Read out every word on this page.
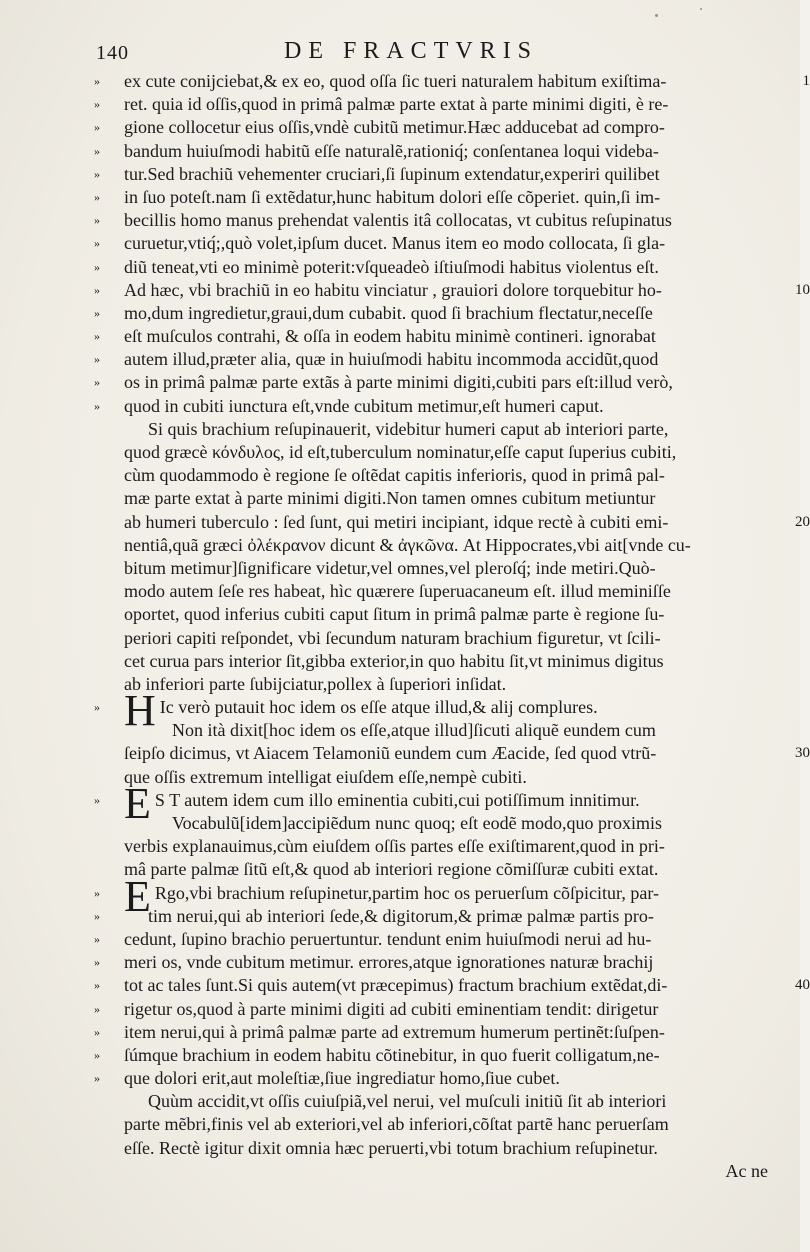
140	DE FRACTVRIS
»	ex cute conijciebat,& ex eo, quod oſſa ſic tueri naturalem habitum exiſtima-	1
»	ret. quia id oſſis,quod in primâ palmæ parte extat à parte minimi digiti, è re-
»	gione collocetur eius oſſis,vndè cubitũ metimur.Hæc adducebat ad compro-
»	bandum huiuſmodi habitũ eſſe naturalẽ,rationiq́; conſentanea loqui videba-
»	tur.Sed brachiũ vehementer cruciari,ſi ſupinum extendatur,experiri quilibet
»	in ſuo poteſt.nam ſi extẽdatur,hunc habitum dolori eſſe cõperiet. quin,ſi im-
»	becillis homo manus prehendat valentis itâ collocatas, vt cubitus reſupinatus
»	curuetur,vtiq́;,quò volet,ipſum ducet. Manus item eo modo collocata, ſi gla-
»	diũ teneat,vti eo minimè poterit:vſqueadeò iſtiuſmodi habitus violentus eſt.
»	Ad hæc, vbi brachiũ in eo habitu vinciatur , grauiori dolore torquebitur ho-	10
»	mo,dum ingredietur,graui,dum cubabit. quod ſi brachium flectatur,neceſſe
»	eſt muſculos contrahi, & oſſa in eodem habitu minimè contineri. ignorabat
»	autem illud,præter alia, quæ in huiuſmodi habitu incommoda accidũt,quod
»	os in primâ palmæ parte extãs à parte minimi digiti,cubiti pars eſt:illud verò,
»	quod in cubiti iunctura eſt,vnde cubitum metimur,eſt humeri caput.
Si quis brachium reſupinauerit, videbitur humeri caput ab interiori parte,
quod græcè κόνδυλος, id eſt,tuberculum nominatur,eſſe caput ſuperius cubiti,
cùm quodammodo è regione ſe oſtẽdat capitis inferioris, quod in primâ pal-
mæ parte extat à parte minimi digiti.Non tamen omnes cubitum metiuntur
ab humeri tuberculo : ſed ſunt, qui metiri incipiant, idque rectè à cubiti emi-	20
nentiâ,quã græci ὀλέκρανον dicunt & ἀγκῶνα. At Hippocrates,vbi ait[vnde cu-
bitum metimur]ſignificare videtur,vel omnes,vel pleroſq́; inde metiri.Quò-
modo autem ſeſe res habeat, hìc quærere ſuperuacaneum eſt. illud meminiſſe
oportet, quod inferius cubiti caput ſitum in primâ palmæ parte è regione ſu-
periori capiti reſpondet, vbi ſecundum naturam brachium figuretur, vt ſcili-
cet curua pars interior ſit,gibba exterior,in quo habitu ſit,vt minimus digitus
ab inferiori parte ſubijciatur,pollex à ſuperiori inſidat.
» H Ic verò putauit hoc idem os eſſe atque illud,& alij complures.
Non ità dixit[hoc idem os eſſe,atque illud]ſicuti aliquẽ eundem cum
ſeipſo dicimus, vt Aiacem Telamoniũ eundem cum Æacide, ſed quod vtrũ-	30
que oſſis extremum intelligat eiuſdem eſſe,nempè cubiti.
» E S T autem idem cum illo eminentia cubiti,cui potiſſimum innitimur.
Vocabulũ[idem]accipiẽdum nunc quoq; eſt eodẽ modo,quo proximis
verbis explanauimus,cùm eiuſdem oſſis partes eſſe exiſtimarent,quod in pri-
mâ parte palmæ ſitũ eſt,& quod ab interiori regione cõmiſſuræ cubiti extat.
» E Rgo,vbi brachium reſupinetur,partim hoc os peruerſum cõſpicitur, par-
»	tim nerui,qui ab interiori ſede,& digitorum,& primæ palmæ partis pro-
»	cedunt, ſupino brachio peruertuntur. tendunt enim huiuſmodi nerui ad hu-
»	meri os, vnde cubitum metimur. errores,atque ignorationes naturæ brachij
»	tot ac tales ſunt.Si quis autem(vt præcepimus) fractum brachium extẽdat,di-	40
»	rigetur os,quod à parte minimi digiti ad cubiti eminentiam tendit: dirigetur
»	item nerui,qui à primâ palmæ parte ad extremum humerum pertinẽt:ſuſpen-
»	ſúmque brachium in eodem habitu cõtinebitur, in quo fuerit colligatum,ne-
»	que dolori erit,aut moleſtiæ,ſiue ingrediatur homo,ſiue cubet.
Quùm accidit,vt oſſis cuiuſpiã,vel nerui, vel muſculi initiũ ſit ab interiori
parte mẽbri,finis vel ab exteriori,vel ab inferiori,cõſtat partẽ hanc peruerſam
eſſe. Rectè igitur dixit omnia hæc peruerti,vbi totum brachium reſupinetur.
Ac ne
